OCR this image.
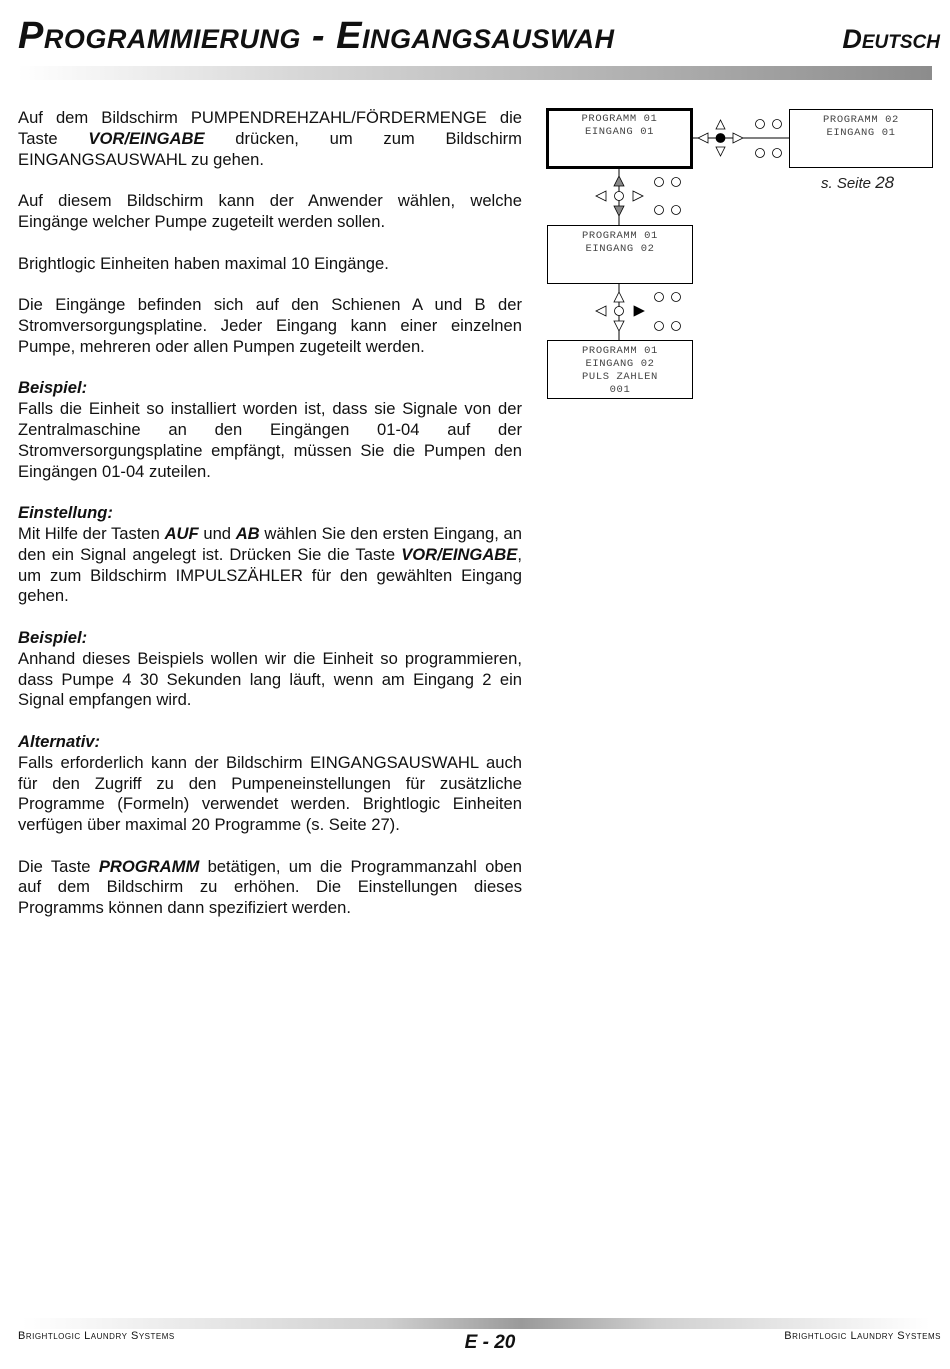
Programmierung - Eingangsauswah	Deutsch

Auf dem Bildschirm PUMPENDREHZAHL/FÖRDERMENGE die Taste VOR/EINGABE drücken, um zum Bildschirm EINGANGSAUSWAHL zu gehen.

Auf diesem Bildschirm kann der Anwender wählen, welche Eingänge welcher Pumpe zugeteilt werden sollen.

Brightlogic Einheiten haben maximal 10 Eingänge.

Die Eingänge befinden sich auf den Schienen A und B der Stromversorgungsplatine. Jeder Eingang kann einer einzelnen Pumpe, mehreren oder allen Pumpen zugeteilt werden.

Beispiel:
Falls die Einheit so installiert worden ist, dass sie Signale von der Zentralmaschine an den Eingängen 01-04 auf der Stromversorgungsplatine empfängt, müssen Sie die Pumpen den Eingängen 01-04 zuteilen.

Einstellung:
Mit Hilfe der Tasten AUF und AB wählen Sie den ersten Eingang, an den ein Signal angelegt ist. Drücken Sie die Taste VOR/EINGABE, um zum Bildschirm IMPULSZÄHLER für den gewählten Eingang gehen.

Beispiel:
Anhand dieses Beispiels wollen wir die Einheit so programmieren, dass Pumpe 4 30 Sekunden lang läuft, wenn am Eingang 2 ein Signal empfangen wird.

Alternativ:
Falls erforderlich kann der Bildschirm EINGANGSAUSWAHL auch für den Zugriff zu den Pumpeneinstellungen für zusätzliche Programme (Formeln) verwendet werden. Brightlogic Einheiten verfügen über maximal 20 Programme (s. Seite 27).

Die Taste PROGRAMM betätigen, um die Programmanzahl oben auf dem Bildschirm zu erhöhen. Die Einstellungen dieses Programms können dann spezifiziert werden.

PROGRAMM 01
EINGANG 01
PROGRAMM 02
EINGANG 01
PROGRAMM 01
EINGANG 02
PROGRAMM 01
EINGANG 02
PULS ZAHLEN
001
s. Seite 28
Brightlogic Laundry Systems	E - 20	Brightlogic Laundry Systems
